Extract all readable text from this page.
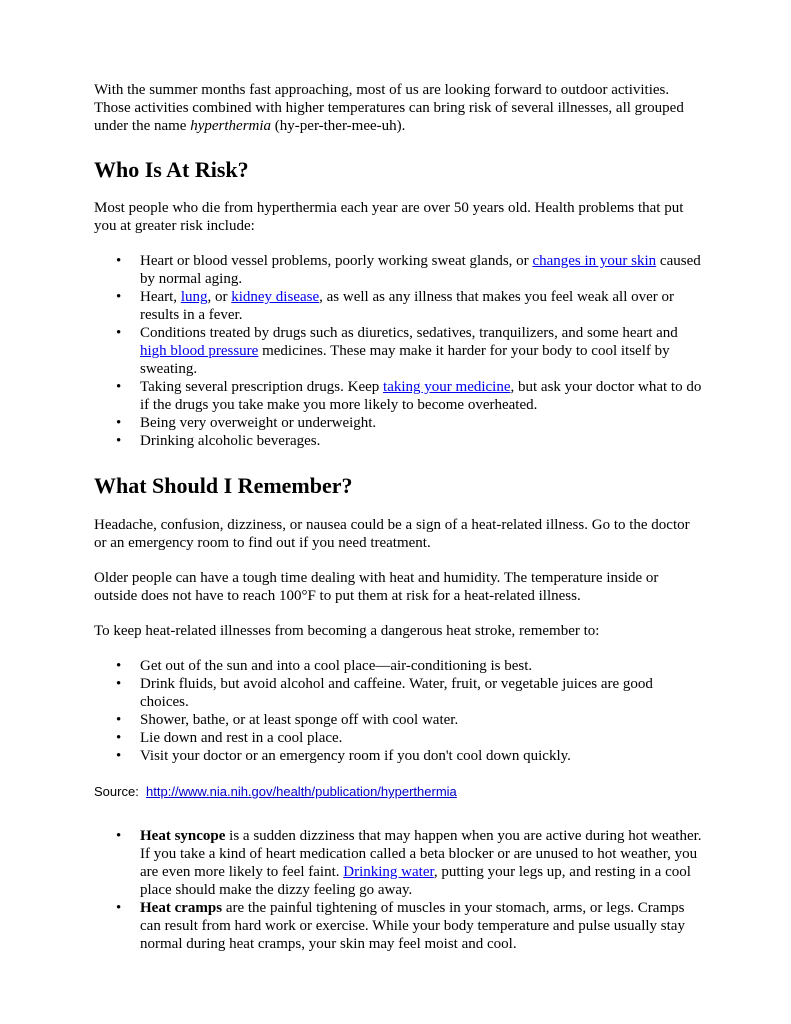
With the summer months fast approaching, most of us are looking forward to outdoor activities. Those activities combined with higher temperatures can bring risk of several illnesses, all grouped under the name hyperthermia (hy-per-ther-mee-uh).

Who Is At Risk?

Most people who die from hyperthermia each year are over 50 years old. Health problems that put you at greater risk include:

• Heart or blood vessel problems, poorly working sweat glands, or changes in your skin caused by normal aging.
• Heart, lung, or kidney disease, as well as any illness that makes you feel weak all over or results in a fever.
• Conditions treated by drugs such as diuretics, sedatives, tranquilizers, and some heart and high blood pressure medicines. These may make it harder for your body to cool itself by sweating.
• Taking several prescription drugs. Keep taking your medicine, but ask your doctor what to do if the drugs you take make you more likely to become overheated.
• Being very overweight or underweight.
• Drinking alcoholic beverages.
What Should I Remember?

Headache, confusion, dizziness, or nausea could be a sign of a heat-related illness. Go to the doctor or an emergency room to find out if you need treatment.

Older people can have a tough time dealing with heat and humidity. The temperature inside or outside does not have to reach 100°F to put them at risk for a heat-related illness.

To keep heat-related illnesses from becoming a dangerous heat stroke, remember to:

• Get out of the sun and into a cool place—air-conditioning is best.
• Drink fluids, but avoid alcohol and caffeine. Water, fruit, or vegetable juices are good choices.
• Shower, bathe, or at least sponge off with cool water.
• Lie down and rest in a cool place.
• Visit your doctor or an emergency room if you don't cool down quickly.

Source: http://www.nia.nih.gov/health/publication/hyperthermia

• Heat syncope is a sudden dizziness that may happen when you are active during hot weather. If you take a kind of heart medication called a beta blocker or are unused to hot weather, you are even more likely to feel faint. Drinking water, putting your legs up, and resting in a cool place should make the dizzy feeling go away.
• Heat cramps are the painful tightening of muscles in your stomach, arms, or legs. Cramps can result from hard work or exercise. While your body temperature and pulse usually stay normal during heat cramps, your skin may feel moist and cool.
